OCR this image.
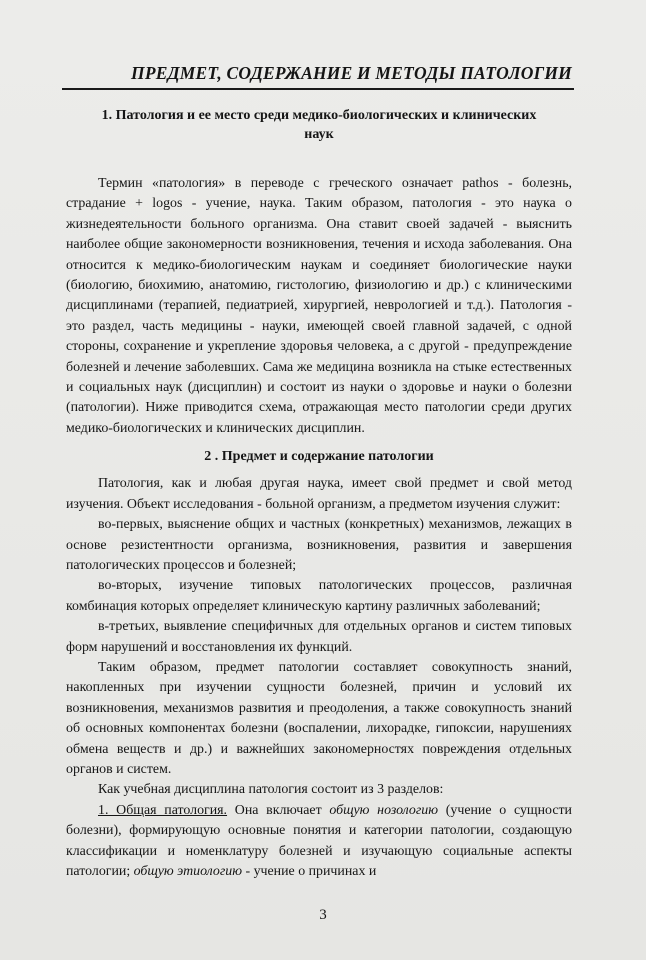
ПРЕДМЕТ, СОДЕРЖАНИЕ И МЕТОДЫ ПАТОЛОГИИ
1. Патология и ее место среди медико-биологических и клинических наук

Термин «патология» в переводе с греческого означает pathos - болезнь, страдание + logos - учение, наука. Таким образом, патология - это наука о жизнедеятельности больного организма. Она ставит своей задачей - выяснить наиболее общие закономерности возникновения, течения и исхода заболевания. Она относится к медико-биологическим наукам и соединяет биологические науки (биологию, биохимию, анатомию, гистологию, физиологию и др.) с клиническими дисциплинами (терапией, педиатрией, хирургией, неврологией и т.д.). Патология - это раздел, часть медицины - науки, имеющей своей главной задачей, с одной стороны, сохранение и укрепление здоровья человека, а с другой - предупреждение болезней и лечение заболевших. Сама же медицина возникла на стыке естественных и социальных наук (дисциплин) и состоит из науки о здоровье и науки о болезни (патологии). Ниже приводится схема, отражающая место патологии среди других медико-биологических и клинических дисциплин.

2 . Предмет и содержание патологии

Патология, как и любая другая наука, имеет свой предмет и свой метод изучения. Объект исследования - больной организм, а предметом изучения служит:

во-первых, выяснение общих и частных (конкретных) механизмов, лежащих в основе резистентности организма, возникновения, развития и завершения патологических процессов и болезней;

во-вторых, изучение типовых патологических процессов, различная комбинация которых определяет клиническую картину различных заболеваний;

в-третьих, выявление специфичных для отдельных органов и систем типовых форм нарушений и восстановления их функций.

Таким образом, предмет патологии составляет совокупность знаний, накопленных при изучении сущности болезней, причин и условий их возникновения, механизмов развития и преодоления, а также совокупность знаний об основных компонентах болезни (воспалении, лихорадке, гипоксии, нарушениях обмена веществ и др.) и важнейших закономерностях повреждения отдельных органов и систем.

Как учебная дисциплина патология состоит из 3 разделов:

1. Общая патология. Она включает общую нозологию (учение о сущности болезни), формирующую основные понятия и категории патологии, создающую классификации и номенклатуру болезней и изучающую социальные аспекты патологии; общую этиологию - учение о причинах и

3
